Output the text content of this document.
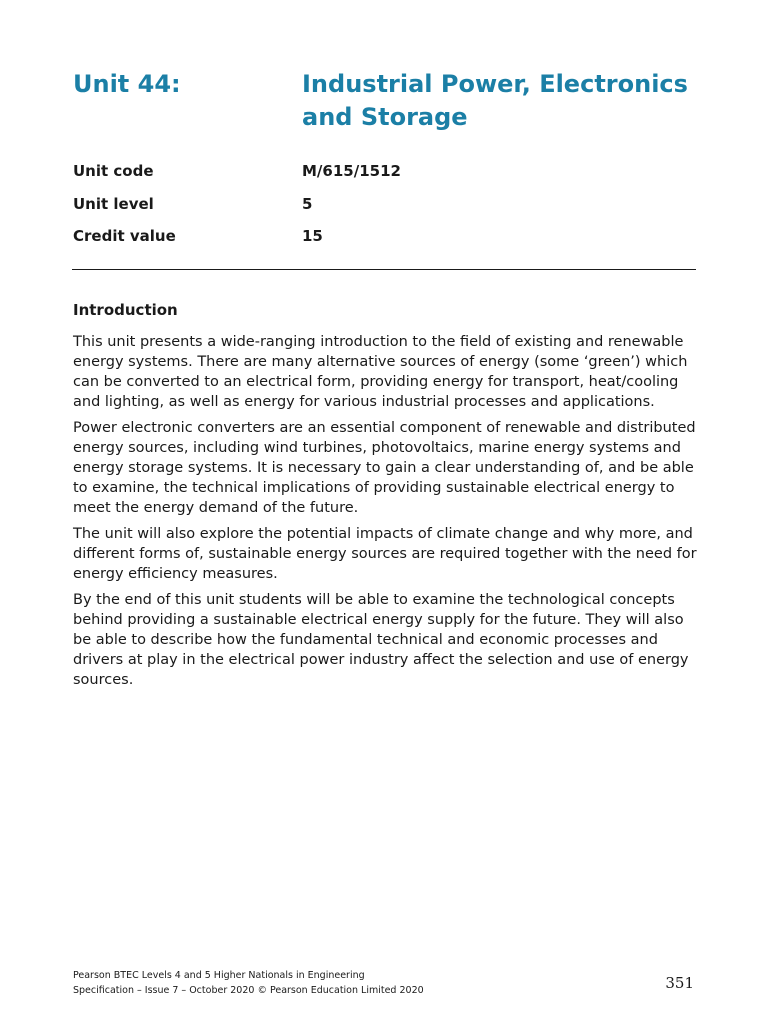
Unit 44:	Industrial Power, Electronics and Storage
Unit code	M/615/1512
Unit level	5
Credit value	15
Introduction

This unit presents a wide-ranging introduction to the field of existing and renewable energy systems. There are many alternative sources of energy (some ‘green’) which can be converted to an electrical form, providing energy for transport, heat/cooling and lighting, as well as energy for various industrial processes and applications.

Power electronic converters are an essential component of renewable and distributed energy sources, including wind turbines, photovoltaics, marine energy systems and energy storage systems. It is necessary to gain a clear understanding of, and be able to examine, the technical implications of providing sustainable electrical energy to meet the energy demand of the future.

The unit will also explore the potential impacts of climate change and why more, and different forms of, sustainable energy sources are required together with the need for energy efficiency measures.

By the end of this unit students will be able to examine the technological concepts behind providing a sustainable electrical energy supply for the future. They will also be able to describe how the fundamental technical and economic processes and drivers at play in the electrical power industry affect the selection and use of energy sources.

Pearson BTEC Levels 4 and 5 Higher Nationals in Engineering
Specification – Issue 7 – October 2020 © Pearson Education Limited 2020	351
